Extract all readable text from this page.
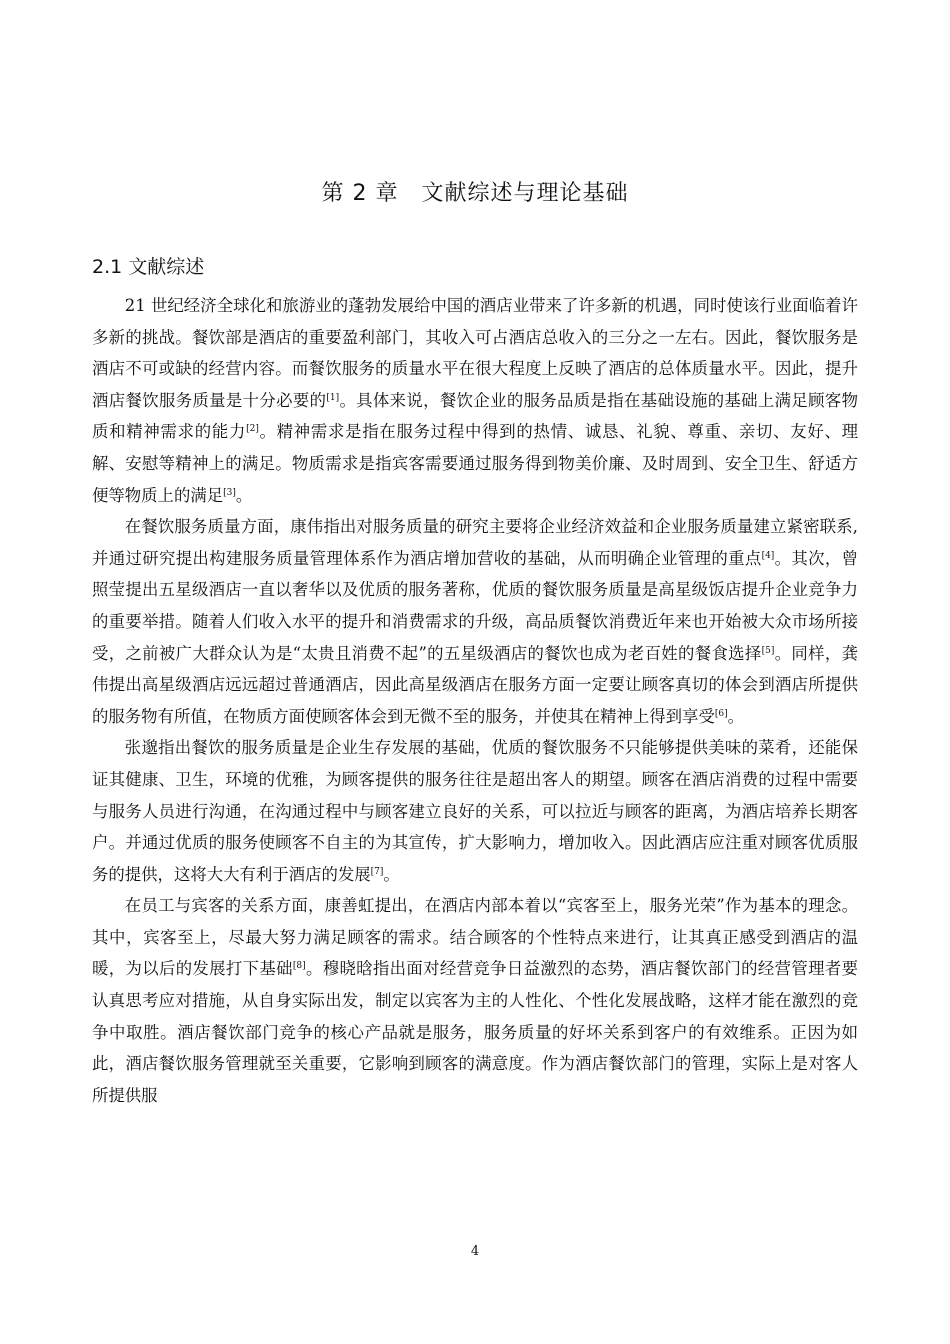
第 2 章　文献综述与理论基础
2.1 文献综述

21 世纪经济全球化和旅游业的蓬勃发展给中国的酒店业带来了许多新的机遇，同时使该行业面临着许多新的挑战。餐饮部是酒店的重要盈利部门，其收入可占酒店总收入的三分之一左右。因此，餐饮服务是酒店不可或缺的经营内容。而餐饮服务的质量水平在很大程度上反映了酒店的总体质量水平。因此，提升酒店餐饮服务质量是十分必要的[1]。具体来说，餐饮企业的服务品质是指在基础设施的基础上满足顾客物质和精神需求的能力[2]。精神需求是指在服务过程中得到的热情、诚恳、礼貌、尊重、亲切、友好、理解、安慰等精神上的满足。物质需求是指宾客需要通过服务得到物美价廉、及时周到、安全卫生、舒适方便等物质上的满足[3]。

在餐饮服务质量方面，康伟指出对服务质量的研究主要将企业经济效益和企业服务质量建立紧密联系,并通过研究提出构建服务质量管理体系作为酒店增加营收的基础，从而明确企业管理的重点[4]。其次，曾照莹提出五星级酒店一直以奢华以及优质的服务著称，优质的餐饮服务质量是高星级饭店提升企业竞争力的重要举措。随着人们收入水平的提升和消费需求的升级，高品质餐饮消费近年来也开始被大众市场所接受，之前被广大群众认为是“太贵且消费不起”的五星级酒店的餐饮也成为老百姓的餐食选择[5]。同样，龚伟提出高星级酒店远远超过普通酒店，因此高星级酒店在服务方面一定要让顾客真切的体会到酒店所提供的服务物有所值，在物质方面使顾客体会到无微不至的服务，并使其在精神上得到享受[6]。

张邈指出餐饮的服务质量是企业生存发展的基础，优质的餐饮服务不只能够提供美味的菜肴，还能保证其健康、卫生，环境的优雅，为顾客提供的服务往往是超出客人的期望。顾客在酒店消费的过程中需要与服务人员进行沟通，在沟通过程中与顾客建立良好的关系，可以拉近与顾客的距离，为酒店培养长期客户。并通过优质的服务使顾客不自主的为其宣传，扩大影响力，增加收入。因此酒店应注重对顾客优质服务的提供，这将大大有利于酒店的发展[7]。

在员工与宾客的关系方面，康善虹提出，在酒店内部本着以“宾客至上，服务光荣”作为基本的理念。其中，宾客至上，尽最大努力满足顾客的需求。结合顾客的个性特点来进行，让其真正感受到酒店的温暖，为以后的发展打下基础[8]。穆晓晗指出面对经营竞争日益激烈的态势，酒店餐饮部门的经营管理者要认真思考应对措施，从自身实际出发，制定以宾客为主的人性化、个性化发展战略，这样才能在激烈的竞争中取胜。酒店餐饮部门竞争的核心产品就是服务，服务质量的好坏关系到客户的有效维系。正因为如此，酒店餐饮服务管理就至关重要，它影响到顾客的满意度。作为酒店餐饮部门的管理，实际上是对客人所提供服

4
